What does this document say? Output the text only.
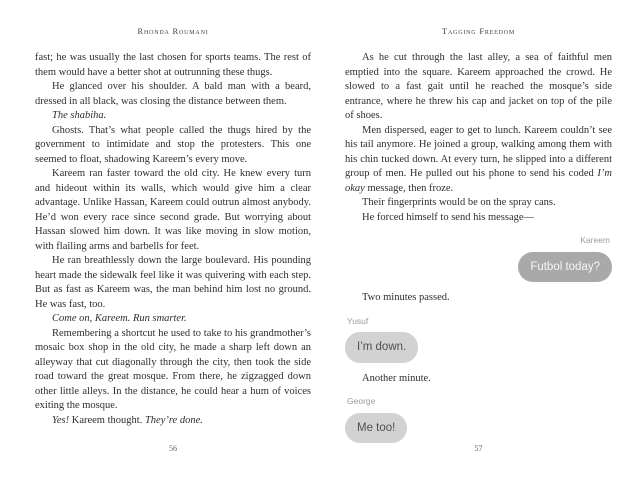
Rhonda Roumani

fast; he was usually the last chosen for sports teams. The rest of them would have a better shot at outrunning these thugs.

He glanced over his shoulder. A bald man with a beard, dressed in all black, was closing the distance between them.

The shabiha.

Ghosts. That’s what people called the thugs hired by the government to intimidate and stop the protesters. This one seemed to float, shadowing Kareem’s every move.

Kareem ran faster toward the old city. He knew every turn and hideout within its walls, which would give him a clear advantage. Unlike Hassan, Kareem could outrun almost anybody. He’d won every race since second grade. But worrying about Hassan slowed him down. It was like moving in slow motion, with flailing arms and barbells for feet.

He ran breathlessly down the large boulevard. His pounding heart made the sidewalk feel like it was quivering with each step. But as fast as Kareem was, the man behind him lost no ground. He was fast, too.

Come on, Kareem. Run smarter.

Remembering a shortcut he used to take to his grandmother’s mosaic box shop in the old city, he made a sharp left down an alleyway that cut diagonally through the city, then took the side road toward the great mosque. From there, he zigzagged down other little alleys. In the distance, he could hear a hum of voices exiting the mosque.

Yes! Kareem thought. They’re done.

56
Tagging Freedom

As he cut through the last alley, a sea of faithful men emptied into the square. Kareem approached the crowd. He slowed to a fast gait until he reached the mosque’s side entrance, where he threw his cap and jacket on top of the pile of shoes.

Men dispersed, eager to get to lunch. Kareem couldn’t see his tail anymore. He joined a group, walking among them with his chin tucked down. At every turn, he slipped into a different group of men. He pulled out his phone to send his coded I’m okay message, then froze.

Their fingerprints would be on the spray cans.

He forced himself to send his message—

Kareem
Futbol today?

Two minutes passed.

Yusuf
I’m down.

Another minute.

George
Me too!
57
